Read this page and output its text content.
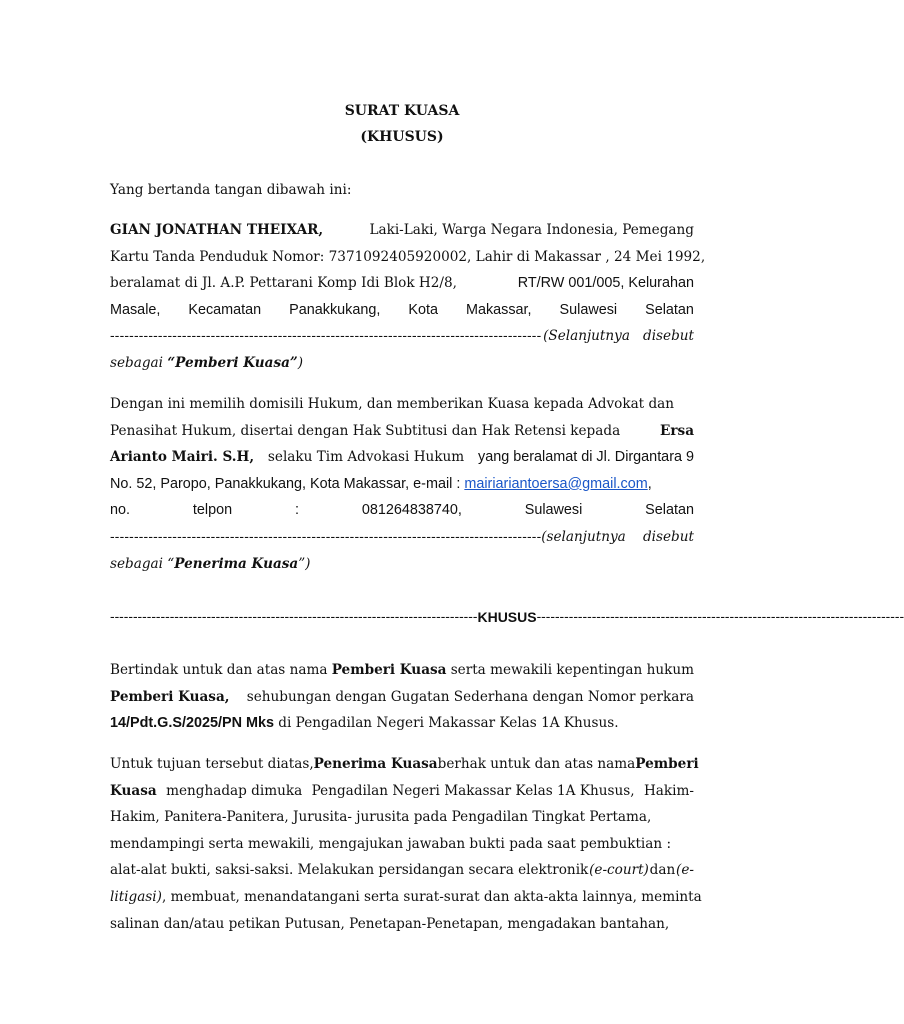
SURAT KUASA
(KHUSUS)
Yang bertanda tangan dibawah ini:
GIAN JONATHAN THEIXAR,	Laki-Laki, Warga Negara Indonesia, Pemegang
Kartu Tanda Penduduk Nomor: 7371092405920002, Lahir di Makassar , 24 Mei 1992,
beralamat di Jl. A.P. Pettarani Komp Idi Blok H2/8,	RT/RW 001/005, Kelurahan
Masale, Kecamatan Panakkukang, Kota Makassar, Sulawesi Selatan
------------------------------------------------------------------------------------------ (Selanjutnya disebut
sebagai “Pemberi Kuasa”)
Dengan ini memilih domisili Hukum, dan memberikan Kuasa kepada Advokat dan
Penasihat Hukum, disertai dengan Hak Subtitusi dan Hak Retensi kepada	Ersa
Arianto Mairi. S.H, selaku Tim Advokasi Hukum yang beralamat di Jl. Dirgantara 9
No. 52, Paropo, Panakkukang, Kota Makassar, e-mail : mairiariantoersa@gmail.com,
no.	telpon	:	081264838740,	Sulawesi	Selatan
------------------------------------------------------------------------------------------ (selanjutnya disebut
sebagai “Penerima Kuasa”)
-------------------------------------------------------------------------------- KHUSUS --------------------------------------------------------------------------------
Bertindak untuk dan atas nama Pemberi Kuasa serta mewakili kepentingan hukum
Pemberi Kuasa, sehubungan dengan Gugatan Sederhana dengan Nomor perkara
14/Pdt.G.S/2025/PN Mks di Pengadilan Negeri Makassar Kelas 1A Khusus.
Untuk tujuan tersebut diatas, Penerima Kuasa berhak untuk dan atas nama Pemberi
Kuasa menghadap dimuka Pengadilan Negeri Makassar Kelas 1A Khusus, Hakim-
Hakim, Panitera-Panitera, Jurusita- jurusita pada Pengadilan Tingkat Pertama,
mendampingi serta mewakili, mengajukan jawaban bukti pada saat pembuktian :
alat-alat bukti, saksi-saksi. Melakukan persidangan secara elektronik (e-court) dan (e-
litigasi), membuat, menandatangani serta surat-surat dan akta-akta lainnya, meminta
salinan dan/atau petikan Putusan, Penetapan-Penetapan, mengadakan bantahan,
